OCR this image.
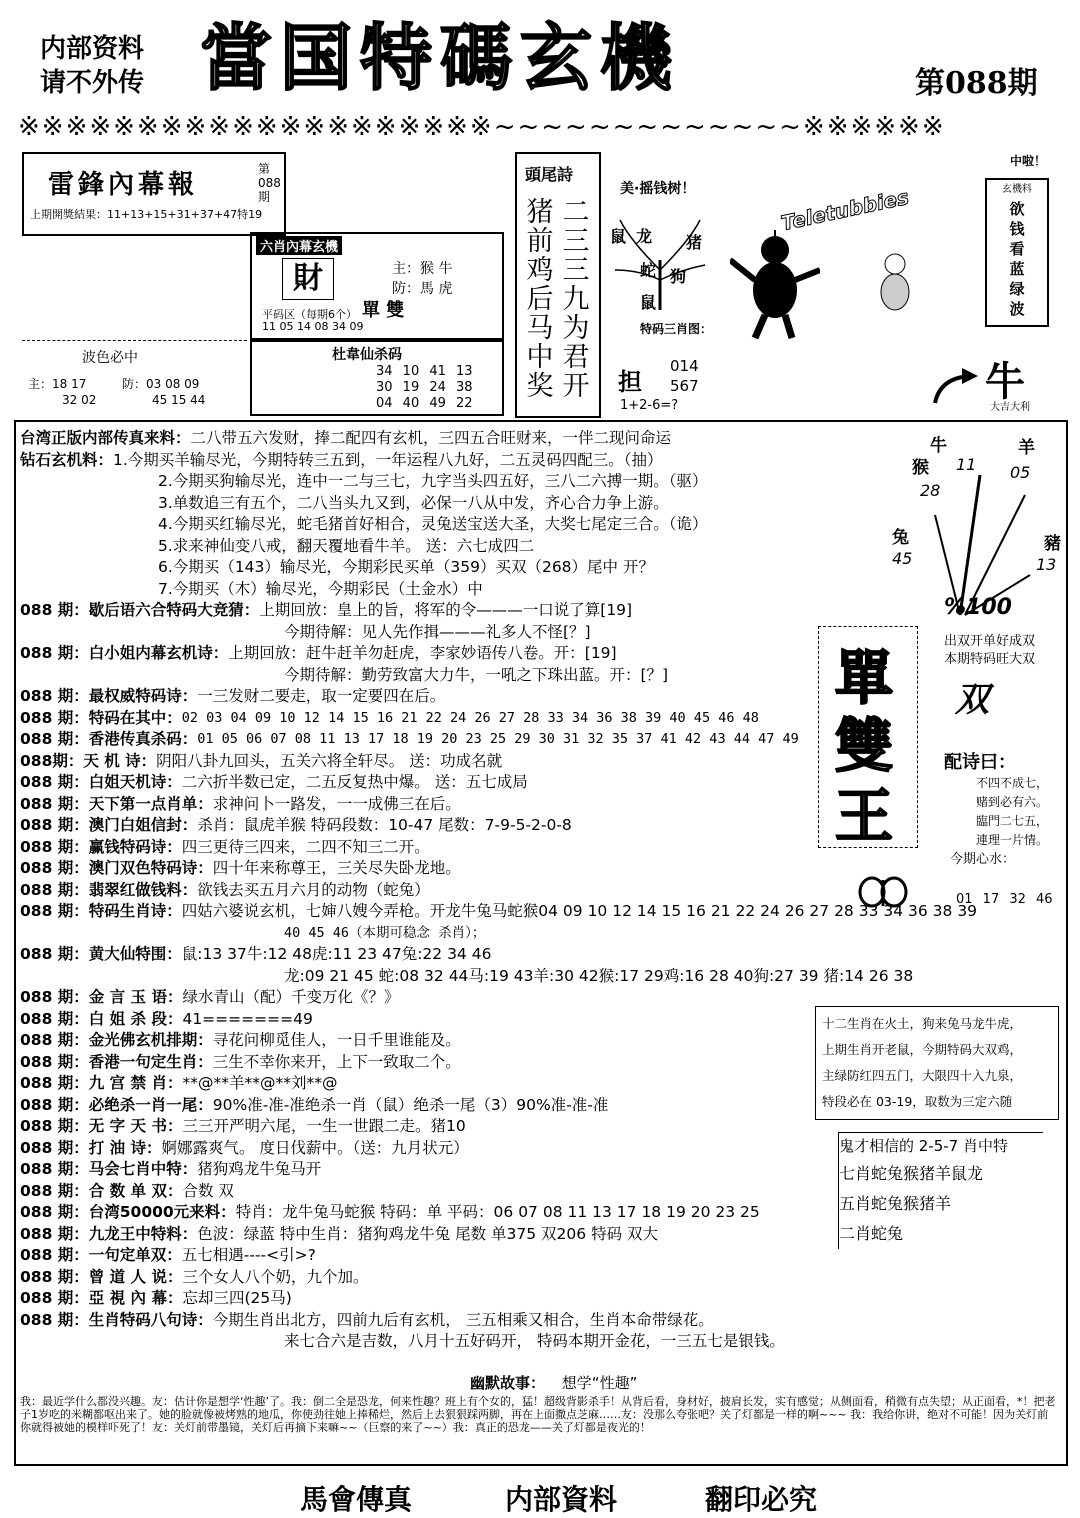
内部资料
请不外传 當国特碼玄機	第088期
※※※※※※※※※※※※※※※※※※※※~~~~~~~~~~~~~※※※※※※
雷鋒內幕報
第 088 期
上期開獎結果：11+13+15+31+37+47特19
六肖內幕玄機
財	主：猴 牛
防：馬 虎
單 雙
平码区（每期6个）
11 05 14 08 34 09
杜韋仙杀码
34 10 41 13
30 19 24 38
04 40 49 22
波色必中
主：18 17
32 02
防：03 08 09
45 15 44
頭尾詩
二三三九为君开
猪前鸡后马中奖
美·摇钱树！
鼠 龙
蛇 狗
鼠
猪
Teletubbies
特码三肖图：
担
014 567
1+2-6=?
中啦！
玄機料
欲钱看蓝绿波
牛
大吉大利
台湾正版内部传真来料： 二八带五六发财，捧二配四有玄机，三四五合旺财来，一伴二现问命运
钻石玄机料： 1.今期买羊输尽光，今期特转三五到，一年运程八九好，二五灵码四配三。（抽）
2.今期买狗输尽光，连中一二与三七，九字当头四五好，三八二六搏一期。（驱）
3.单数追三有五个，二八当头九又到，必保一八从中发，齐心合力争上游。
4.今期买红输尽光，蛇毛猪首好相合，灵兔送宝送大圣，大奖七尾定三合。（诡）
5.求来神仙变八戒，翻天覆地看牛羊。 送：六七成四二
6.今期买（143）输尽光，今期彩民买单（359）买双（268）尾中 开？
7.今期买（木）输尽光，今期彩民（土金水）中
088 期：歇后语六合特码大竞猜： 上期回放：皇上的旨，将军的令———一口说了算[19]
今期待解：见人先作揖———礼多人不怪[？]
088 期：白小姐内幕玄机诗： 上期回放：赶牛赶羊勿赶虎，李家妙语传八卷。开：[19]
今期待解：勤劳致富大力牛，一吼之下珠出蓝。开：[？]
088 期：最权威特码诗： 一三发财二要走，取一定要四在后。
088 期：特码在其中： 02 03 04 09 10 12 14 15 16 21 22 24 26 27 28 33 34 36 38 39 40 45 46 48
088 期：香港传真杀码： 01 05 06 07 08 11 13 17 18 19 20 23 25 29 30 31 32 35 37 41 42 43 44 47 49
088期：天 机 诗： 阴阳八卦九回头，五关六将全轩尽。 送：功成名就
088 期：白姐天机诗： 二六折半数已定，二五反复热中爆。 送：五七成局
088 期：天下第一点肖单： 求神问卜一路发，一一成佛三在后。
088 期：澳门白姐信封： 杀肖：鼠虎羊猴 特码段数：10-47 尾数：7-9-5-2-0-8
088 期：赢钱特码诗： 四三更待三四来，二四不知三二开。
088 期：澳门双色特码诗： 四十年来称尊王，三关尽失卧龙地。
088 期：翡翠红做钱料： 欲钱去买五月六月的动物（蛇兔）
088 期：特码生肖诗： 四姑六婆说玄机，七婶八嫂今弄枪。开龙牛兔马蛇猴04 09 10 12 14 15 16 21 22 24 26 27 28 33 34 36 38 39
40 45 46（本期可稳念 杀肖）；
088 期：黄大仙特围： 鼠:13 37牛:12 48虎:11 23 47兔:22 34 46
龙:09 21 45 蛇:08 32 44马:19 43羊:30 42猴:17 29鸡:16 28 40狗:27 39 猪:14 26 38
088 期：金 言 玉 语： 绿水青山（配）千变万化《？》
088 期：白 姐 杀 段： 41=======49
088 期：金光佛玄机排期： 寻花问柳觅佳人，一日千里谁能及。
088 期：香港一句定生肖： 三生不幸你来开，上下一致取二个。
088 期：九 宫 禁 肖： **@**羊**@**刘**@
088 期：必绝杀一肖一尾： 90%准-准-准绝杀一肖（鼠）绝杀一尾（3）90%准-准-准
088 期：无 字 天 书： 三三开严明六尾，一生一世跟二走。猪10
088 期：打 油 诗： 婀娜露爽气。 度日伐薪中。（送：九月状元）
088 期：马会七肖中特： 猪狗鸡龙牛兔马开
088 期：合 数 单 双： 合数 双
088 期：台湾50000元来料： 特肖：龙牛兔马蛇猴 特码：单 平码：06 07 08 11 13 17 18 19 20 23 25
088 期：九龙王中特料： 色波：绿蓝 特中生肖：猪狗鸡龙牛兔 尾数 单375 双206 特码 双大
088 期：一句定单双： 五七相遇----<引>?
088 期：曾 道 人 说： 三个女人八个奶，九个加。
088 期：亞 視 內 幕： 忘却三四(25马)
088 期：生肖特码八句诗： 今期生肖出北方，四前九后有玄机， 三五相乘又相合，生肖本命带绿花。
来七合六是吉数，八月十五好码开， 特码本期开金花，一三五七是银钱。
牛	羊
猴
兔	豬
11 05
28
45	13
%100
單
雙
王
出双开单好成双
本期特码旺大双
双
配诗曰：
不四不成七，
赌到必有六。
臨門二七五，
連理一片情。
今期心水：
01 17 32 46
十二生肖在火土，狗来兔马龙牛虎，
上期生肖开老鼠，今期特码大双鸡，
主绿防红四五门，大限四十入九泉，
特段必在 03-19，取数为三定六随
鬼才相信的 2-5-7 肖中特
七肖蛇兔猴猪羊鼠龙
五肖蛇兔猴猪羊
二肖蛇兔
幽默故事： 想学“性趣”
我：最近学什么都没兴趣。友：估计你是想学‘性趣’了。我：倒二全是恐龙，何来性趣？班上有个女的，猛！超级背影杀手！从背后看，身材好，披肩长发，实有感觉；从侧面看，稍微有点失望；从正面看，*！把老子1岁吃的米糊都呕出来了。她的脸就像被烤熟的地瓜，你使劲往她上捧稀烂，然后上去狠狠踩两脚，再在上面撒点芝麻……友：没那么夸张吧？关了灯都是一样的啊~~~ 我：我给你讲，绝对不可能！因为关灯前你就得被她的模样吓死了！友：关灯前带墨镜，关灯后再摘下来嘛~~（巨察的来了~~）我：真正的恐龙——关了灯都是夜光的！
馬會傳真	内部資料	翻印必究
